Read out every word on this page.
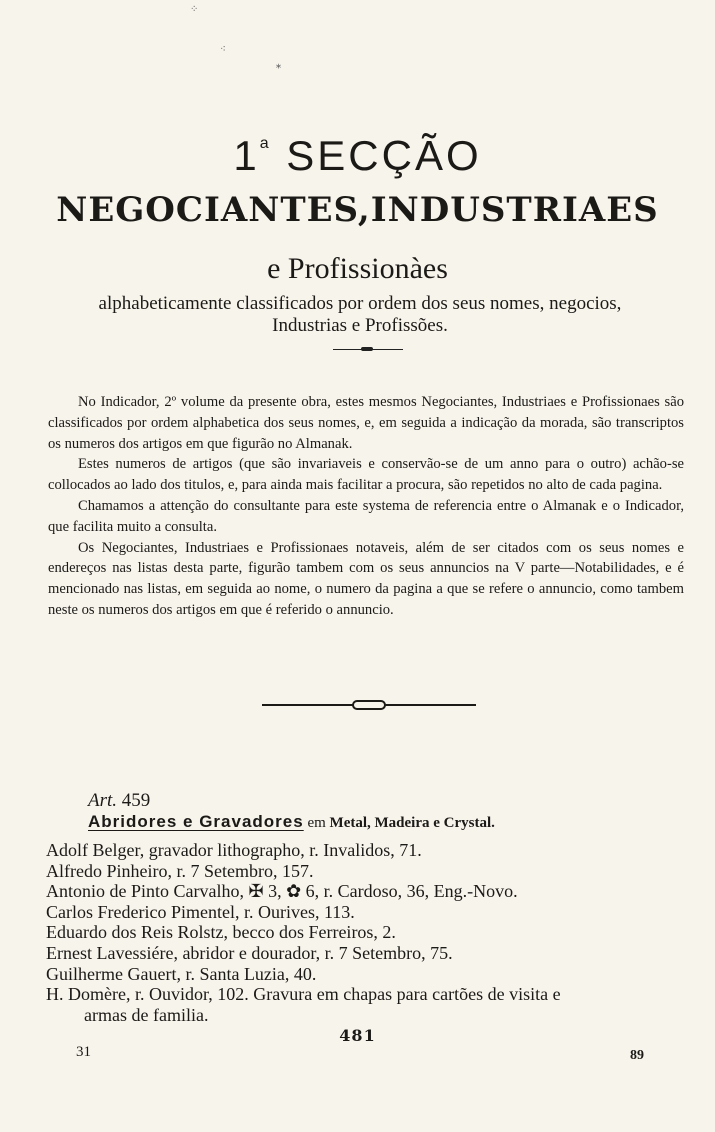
⁘
⁖
⁎
1$^a$ SECÇÃO
NEGOCIANTES,INDUSTRIAES
e Profissionàes
alphabeticamente classificados por ordem dos seus nomes, negocios, Industrias e Profissões.

No Indicador, 2º volume da presente obra, estes mesmos Negociantes, Industriaes e Profissionaes são classificados por ordem alphabetica dos seus nomes, e, em seguida a indicação da morada, são transcriptos os numeros dos artigos em que figurão no Almanak.

Estes numeros de artigos (que são invariaveis e conservão-se de um anno para o outro) achão-se collocados ao lado dos titulos, e, para ainda mais facilitar a procura, são repetidos no alto de cada pagina.

Chamamos a attenção do consultante para este systema de referencia entre o Almanak e o Indicador, que facilita muito a consulta.

Os Negociantes, Industriaes e Profissionaes notaveis, além de ser citados com os seus nomes e endereços nas listas desta parte, figurão tambem com os seus annuncios na V parte—Notabilidades, e é mencionado nas listas, em seguida ao nome, o numero da pagina a que se refere o annuncio, como tambem neste os numeros dos artigos em que é referido o annuncio.

Art. 459
Abridores e Gravadores em Metal, Madeira e Crystal.
Adolf Belger, gravador lithographo, r. Invalidos, 71.
Alfredo Pinheiro, r. 7 Setembro, 157.
Antonio de Pinto Carvalho, ✠ 3, ✿ 6, r. Cardoso, 36, Eng.-Novo.
Carlos Frederico Pimentel, r. Ourives, 113.
Eduardo dos Reis Rolstz, becco dos Ferreiros, 2.
Ernest Lavessiére, abridor e dourador, r. 7 Setembro, 75.
Guilherme Gauert, r. Santa Luzia, 40.
H. Domère, r. Ouvidor, 102. Gravura em chapas para cartões de visita e
armas de familia.
481
31	89
